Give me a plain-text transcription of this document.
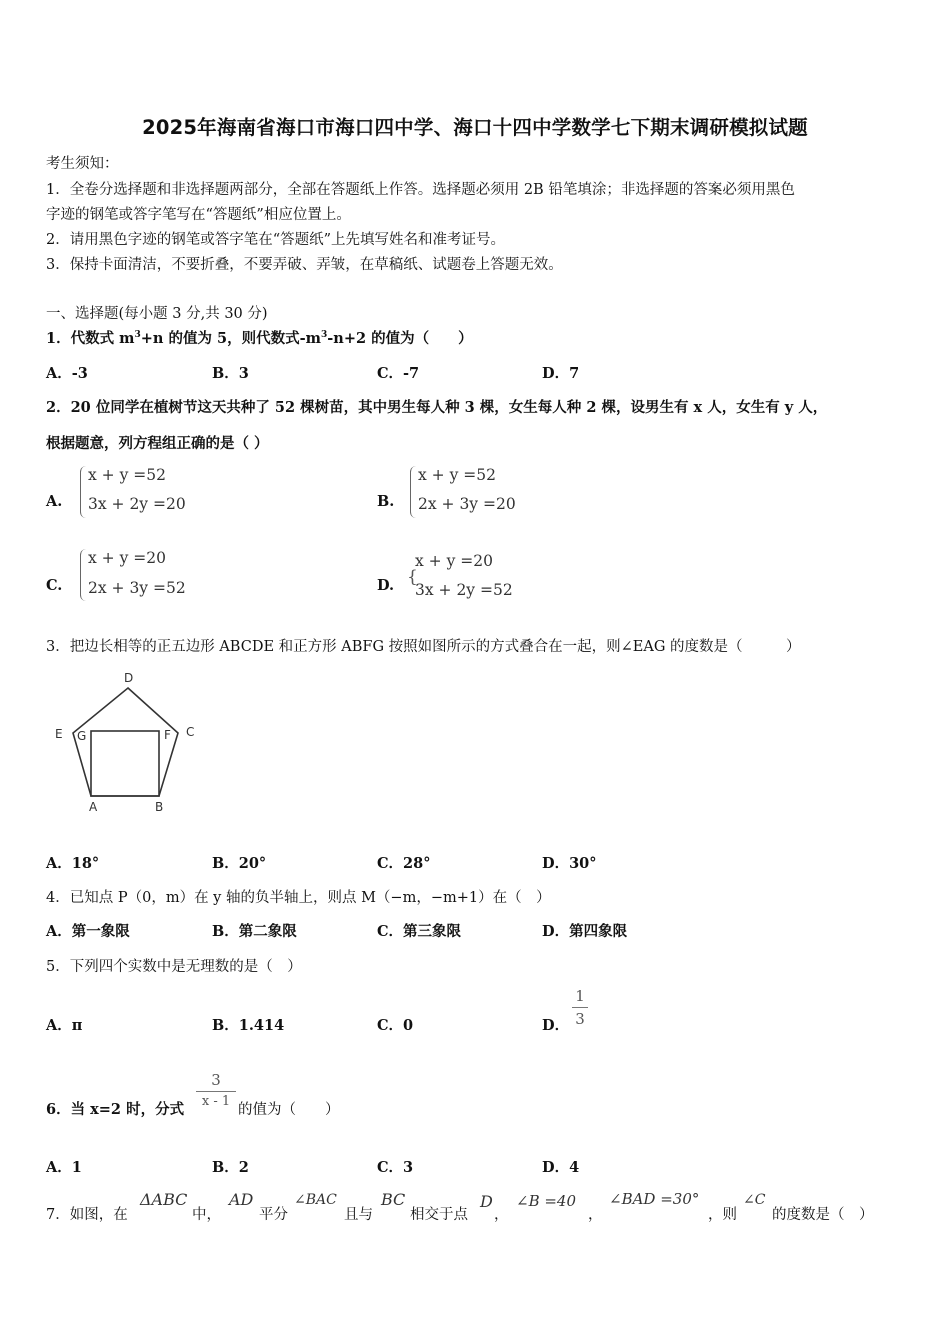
2025年海南省海口市海口四中学、海口十四中学数学七下期末调研模拟试题
考生须知：
1．全卷分选择题和非选择题两部分，全部在答题纸上作答。选择题必须用 2B 铅笔填涂；非选择题的答案必须用黑色
字迹的钢笔或答字笔写在“答题纸”相应位置上。
2．请用黑色字迹的钢笔或答字笔在“答题纸”上先填写姓名和准考证号。
3．保持卡面清洁，不要折叠，不要弄破、弄皱，在草稿纸、试题卷上答题无效。
一、选择题(每小题 3 分,共 30 分)
1．代数式 $m^3+n$ 的值为 5，则代数式$-m^3-n+2$ 的值为（　　）
A．-3	B．3	C．-7	D．7
2．20 位同学在植树节这天共种了 52 棵树苗，其中男生每人种 3 棵，女生每人种 2 棵，设男生有 x 人，女生有 y 人，
根据题意，列方程组正确的是（ ）
A.
x + y =52
3x + 2y =20	B.
x + y =52
2x + 3y =20
C.
x + y =20
2x + 3y =52	D. {
x + y =20
3x + 2y =52
3．把边长相等的正五边形 ABCDE 和正方形 ABFG 按照如图所示的方式叠合在一起，则∠EAG 的度数是（　　　）
D
E G	F C
A	B
A．18°	B．20°	C．28°	D．30°
4．已知点 P（0，m）在 y 轴的负半轴上，则点 M（−m，−m+1）在（　）
A．第一象限	B．第二象限	C．第三象限	D．第四象限
5．下列四个实数中是无理数的是（　）
A．π	B．1.414	C．0	D．
1
3
6．当 x=2 时，分式
3
x - 1
的值为（　　）
A．1	B．2	C．3	D．4
7．如图，在
ΔABC
中，
AD
平分
∠BAC
且与
BC
相交于点
D
，
∠B =40
，
∠BAD =30°
，则
∠C
的度数是（　）
